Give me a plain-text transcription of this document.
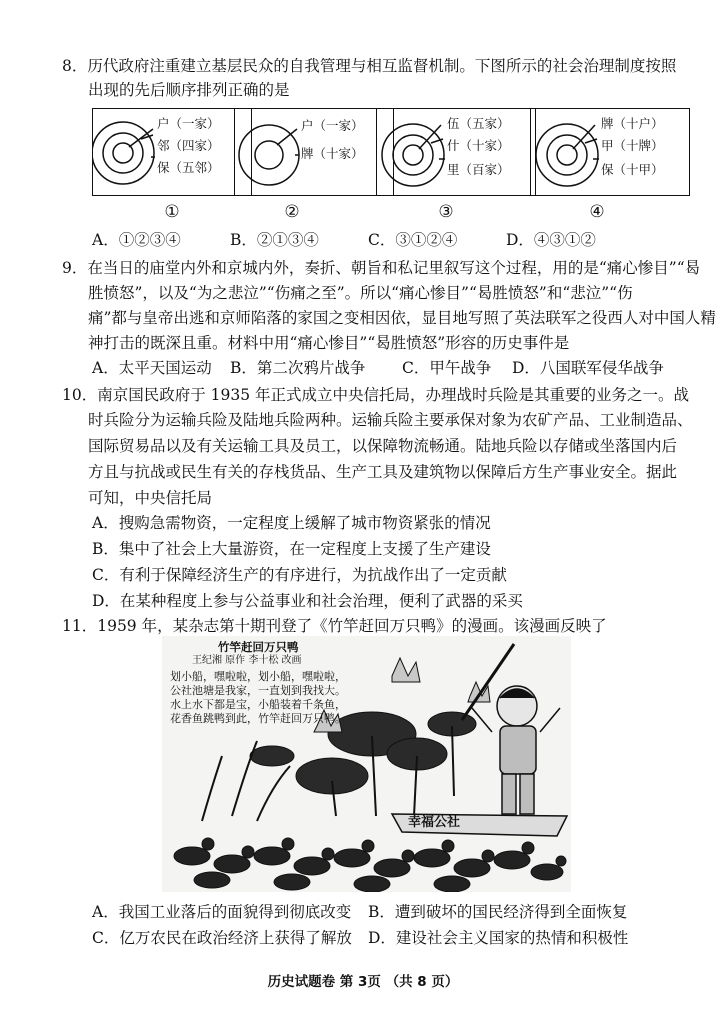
8．历代政府注重建立基层民众的自我管理与相互监督机制。下图所示的社会治理制度按照
出现的先后顺序排列正确的是
户（一家）
邻（四家）
保（五邻）
①
户（一家）
牌（十家）
②
伍（五家）
什（十家）
里（百家）
③
牌（十户）
甲（十牌）
保（十甲）
④
A．①②③④	B．②①③④	C．③①②④	D．④③①②
9．在当日的庙堂内外和京城内外，奏折、朝旨和私记里叙写这个过程，用的是“痛心惨目”“曷
胜愤怒”，以及“为之悲泣”“伤痛之至”。所以“痛心惨目”“曷胜愤怒”和“悲泣”“伤
痛”都与皇帝出逃和京师陷落的家国之变相因依，显目地写照了英法联军之役西人对中国人精
神打击的既深且重。材料中用“痛心惨目”“曷胜愤怒”形容的历史事件是
A．太平天国运动 B．第二次鸦片战争 C．甲午战争 D．八国联军侵华战争
10．南京国民政府于 1935 年正式成立中央信托局，办理战时兵险是其重要的业务之一。战
时兵险分为运输兵险及陆地兵险两种。运输兵险主要承保对象为农矿产品、工业制造品、
国际贸易品以及有关运输工具及员工，以保障物流畅通。陆地兵险以存储或坐落国内后
方且与抗战或民生有关的存栈货品、生产工具及建筑物以保障后方生产事业安全。据此
可知，中央信托局
A．搜购急需物资，一定程度上缓解了城市物资紧张的情况
B．集中了社会上大量游资，在一定程度上支援了生产建设
C．有利于保障经济生产的有序进行，为抗战作出了一定贡献
D．在某种程度上参与公益事业和社会治理，便利了武器的采买
11．1959 年，某杂志第十期刊登了《竹竿赶回万只鸭》的漫画。该漫画反映了
竹竿赶回万只鸭
王纪湘 原作 李十松 改画
划小船，嘿啦啦，划小船，嘿啦啦，
公社池塘是我家，一直划到我找大。
水上水下都是宝，小船装着千条鱼，
花香鱼跳鸭到此，竹竿赶回万只鸭。
幸福公社
A．我国工业落后的面貌得到彻底改变 B．遭到破坏的国民经济得到全面恢复
C．亿万农民在政治经济上获得了解放 D．建设社会主义国家的热情和积极性
历史试题卷 第 3页 （共 8 页）
